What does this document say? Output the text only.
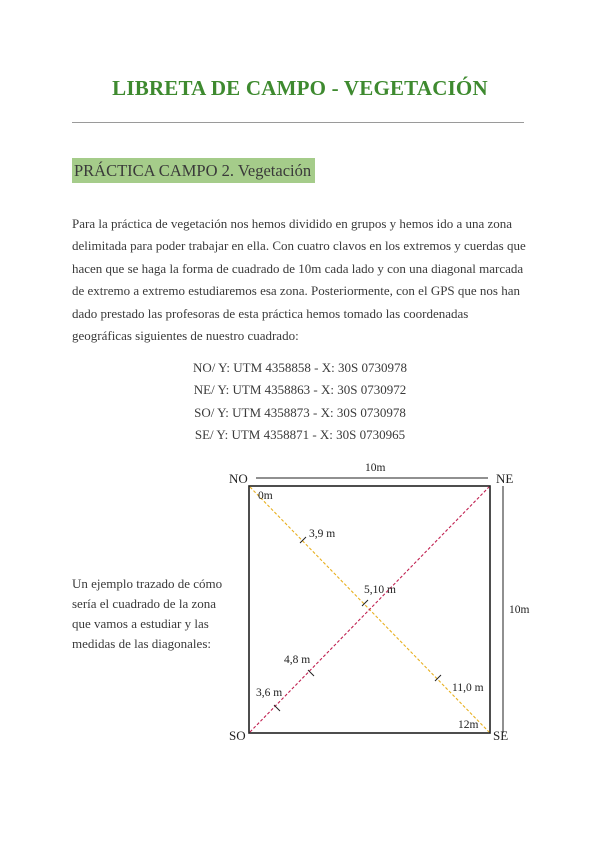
LIBRETA DE CAMPO - VEGETACIÓN
PRÁCTICA CAMPO 2. Vegetación

Para la práctica de vegetación nos hemos dividido en grupos y hemos ido a una zona delimitada para poder trabajar en ella. Con cuatro clavos en los extremos y cuerdas que hacen que se haga la forma de cuadrado de 10m cada lado y con una diagonal marcada de extremo a extremo estudiaremos esa zona. Posteriormente, con el GPS que nos han dado prestado las profesoras de esta práctica hemos tomado las coordenadas geográficas siguientes de nuestro cuadrado:

NO/ Y: UTM 4358858 - X: 30S 0730978
NE/ Y: UTM 4358863 - X: 30S 0730972
SO/ Y: UTM 4358873 - X: 30S 0730978
SE/ Y: UTM 4358871 - X: 30S 0730965

Un ejemplo trazado de cómo sería el cuadrado de la zona que vamos a estudiar y las medidas de las diagonales:

NO	NE
SO	SE
10m
10m
0m
3,9 m
5,10 m
4,8 m
11,0 m
3,6 m
12m
